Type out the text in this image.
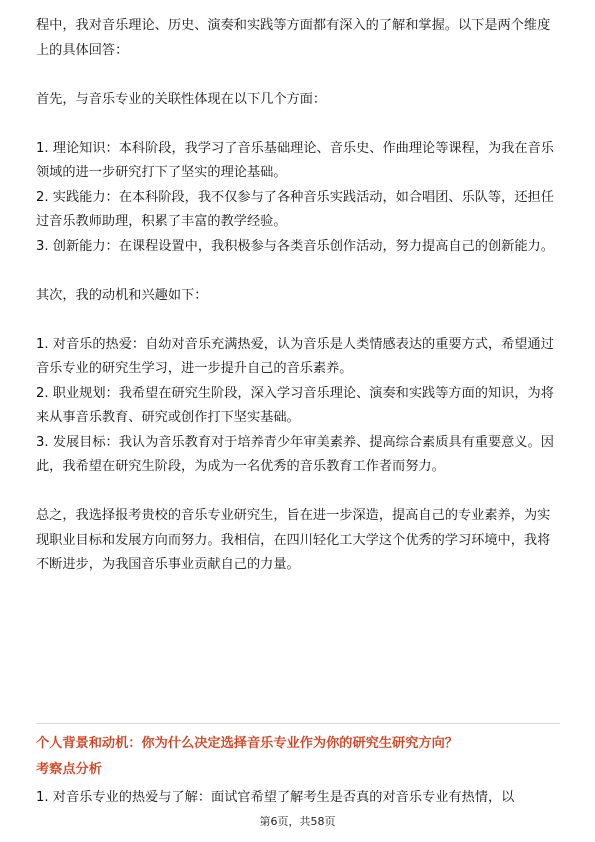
程中，我对音乐理论、历史、演奏和实践等方面都有深入的了解和掌握。以下是两个维度上的具体回答：

首先，与音乐专业的关联性体现在以下几个方面：

1. 理论知识：本科阶段，我学习了音乐基础理论、音乐史、作曲理论等课程，为我在音乐领域的进一步研究打下了坚实的理论基础。

2. 实践能力：在本科阶段，我不仅参与了各种音乐实践活动，如合唱团、乐队等，还担任过音乐教师助理，积累了丰富的教学经验。

3. 创新能力：在课程设置中，我积极参与各类音乐创作活动，努力提高自己的创新能力。

其次，我的动机和兴趣如下：

1. 对音乐的热爱：自幼对音乐充满热爱，认为音乐是人类情感表达的重要方式，希望通过音乐专业的研究生学习，进一步提升自己的音乐素养。

2. 职业规划：我希望在研究生阶段，深入学习音乐理论、演奏和实践等方面的知识，为将来从事音乐教育、研究或创作打下坚实基础。

3. 发展目标：我认为音乐教育对于培养青少年审美素养、提高综合素质具有重要意义。因此，我希望在研究生阶段，为成为一名优秀的音乐教育工作者而努力。

总之，我选择报考贵校的音乐专业研究生，旨在进一步深造，提高自己的专业素养，为实现职业目标和发展方向而努力。我相信，在四川轻化工大学这个优秀的学习环境中，我将不断进步，为我国音乐事业贡献自己的力量。

个人背景和动机：你为什么决定选择音乐专业作为你的研究生研究方向？

考察点分析

1. 对音乐专业的热爱与了解：面试官希望了解考生是否真的对音乐专业有热情，以

第6页，共58页
